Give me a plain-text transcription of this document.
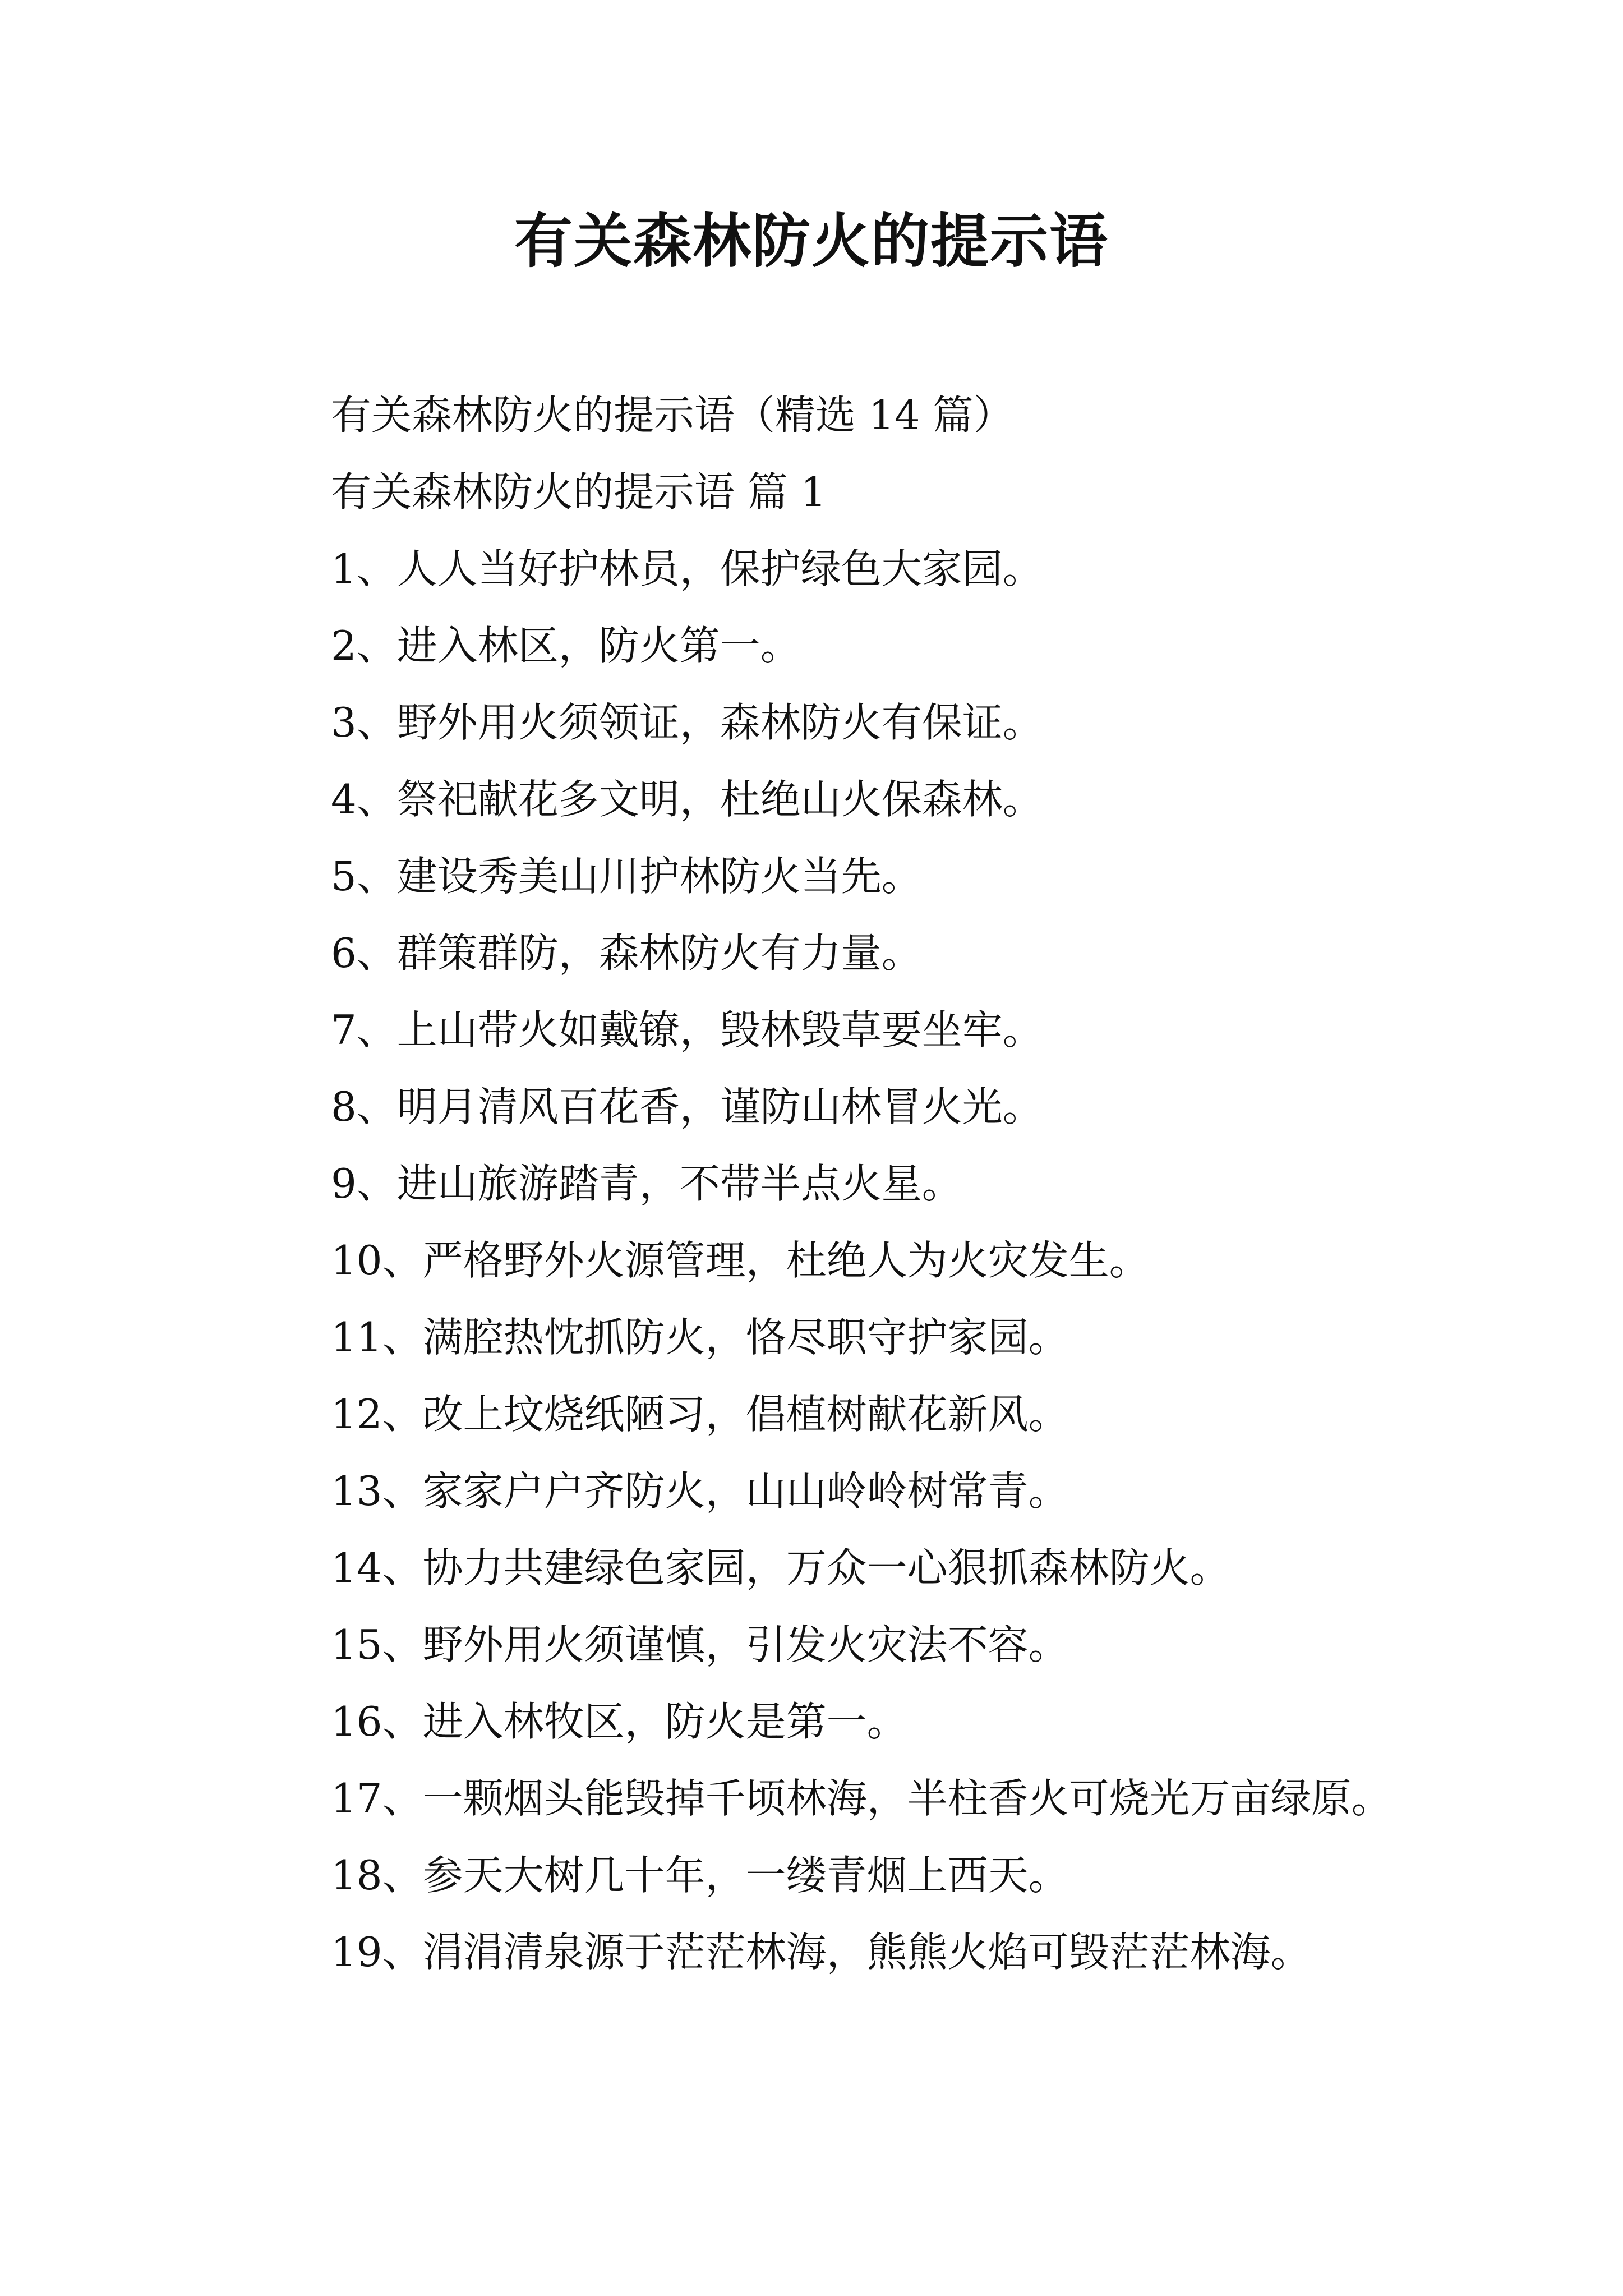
有关森林防火的提示语

有关森林防火的提示语（精选 14 篇）

有关森林防火的提示语 篇 1

1、人人当好护林员，保护绿色大家园。

2、进入林区，防火第一。

3、野外用火须领证，森林防火有保证。

4、祭祀献花多文明，杜绝山火保森林。

5、建设秀美山川护林防火当先。

6、群策群防，森林防火有力量。

7、上山带火如戴镣，毁林毁草要坐牢。

8、明月清风百花香，谨防山林冒火光。

9、进山旅游踏青，不带半点火星。

10、严格野外火源管理，杜绝人为火灾发生。

11、满腔热忱抓防火，恪尽职守护家园。

12、改上坟烧纸陋习，倡植树献花新风。

13、家家户户齐防火，山山岭岭树常青。

14、协力共建绿色家园，万众一心狠抓森林防火。

15、野外用火须谨慎，引发火灾法不容。

16、进入林牧区，防火是第一。

17、一颗烟头能毁掉千顷林海，半柱香火可烧光万亩绿原。

18、参天大树几十年，一缕青烟上西天。

19、涓涓清泉源于茫茫林海，熊熊火焰可毁茫茫林海。
